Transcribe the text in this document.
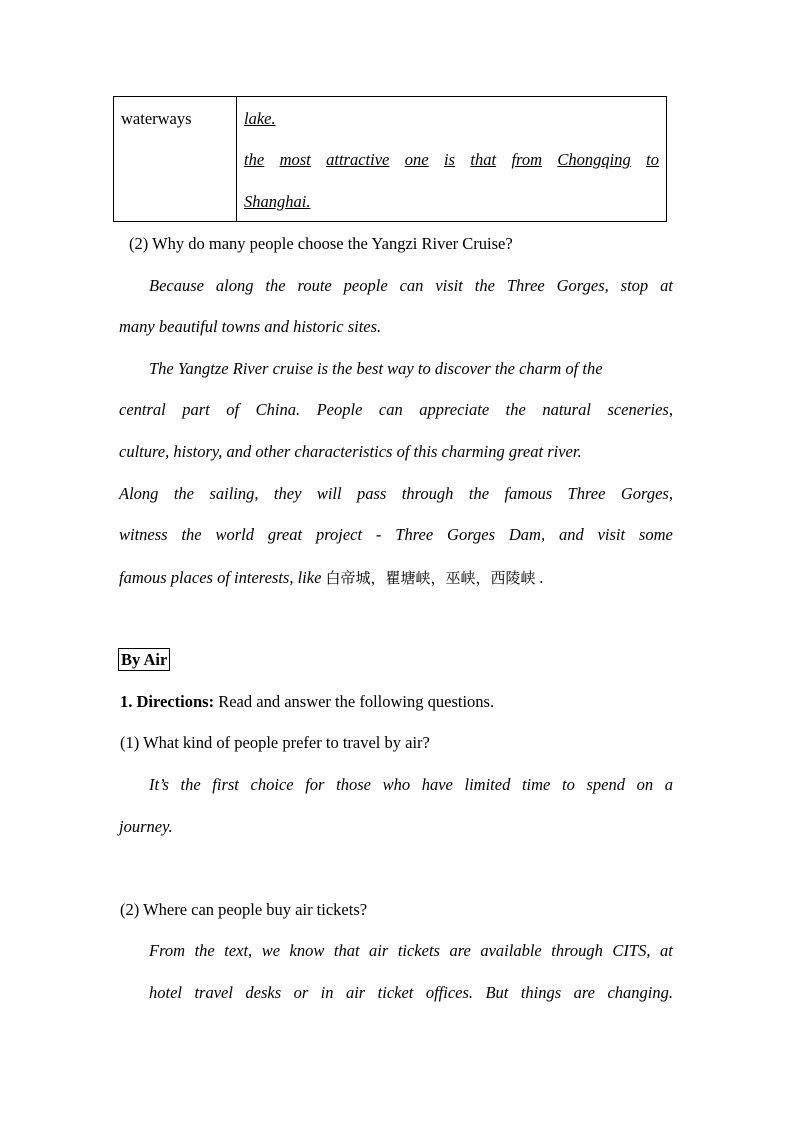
waterways	lake.
the most attractive one is that from Chongqing to
Shanghai.
(2) Why do many people choose the Yangzi River Cruise?
Because along the route people can visit the Three Gorges, stop at
many beautiful towns and historic sites.
The Yangtze River cruise is the best way to discover the charm of the
central part of China. People can appreciate the natural sceneries,
culture, history, and other characteristics of this charming great river.
Along the sailing, they will pass through the famous Three Gorges,
witness the world great project - Three Gorges Dam, and visit some
famous places of interests, like 白帝城，瞿塘峡，巫峡，西陵峡 .
By Air
1. Directions: Read and answer the following questions.
(1) What kind of people prefer to travel by air?
It’s the first choice for those who have limited time to spend on a
journey.
(2) Where can people buy air tickets?
From the text, we know that air tickets are available through CITS, at
hotel travel desks or in air ticket offices. But things are changing.
